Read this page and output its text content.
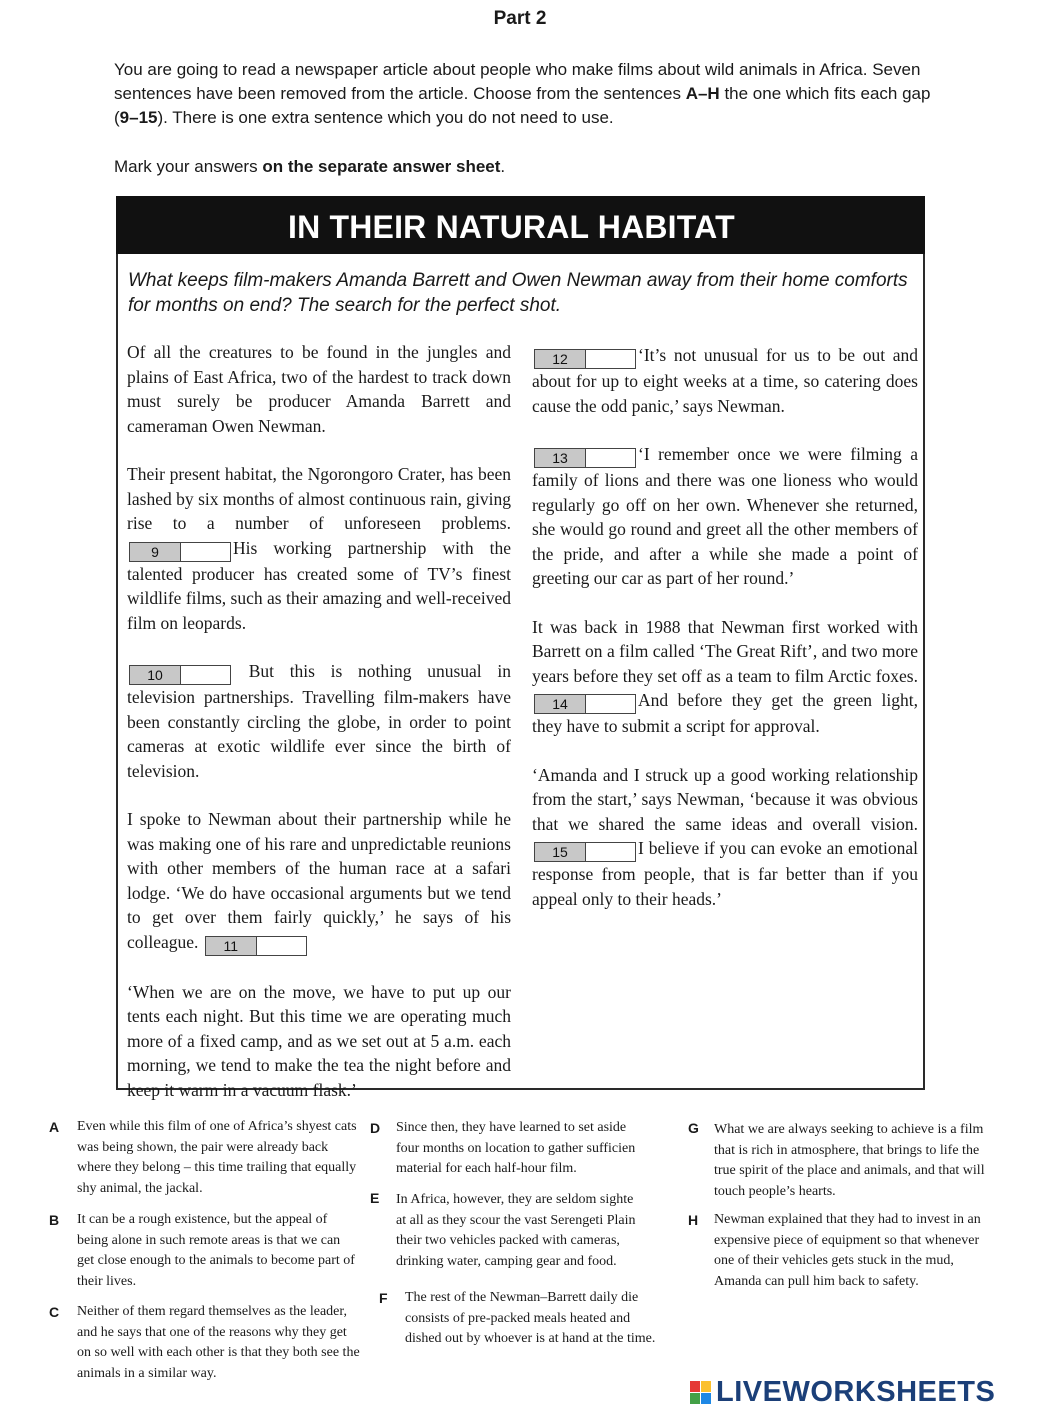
Part 2
You are going to read a newspaper article about people who make films about wild animals in Africa. Seven sentences have been removed from the article. Choose from the sentences A–H the one which fits each gap (9–15). There is one extra sentence which you do not need to use.
Mark your answers on the separate answer sheet.
IN THEIR NATURAL HABITAT
What keeps film-makers Amanda Barrett and Owen Newman away from their home comforts for months on end? The search for the perfect shot.

Of all the creatures to be found in the jungles and plains of East Africa, two of the hardest to track down must surely be producer Amanda Barrett and cameraman Owen Newman.

Their present habitat, the Ngorongoro Crater, has been lashed by six months of almost continuous rain, giving rise to a number of unforeseen problems. 9	His working partnership with the talented producer has created some of TV’s finest wildlife films, such as their amazing and well-received film on leopards.

10	But this is nothing unusual in television partnerships. Travelling film-makers have been constantly circling the globe, in order to point cameras at exotic wildlife ever since the birth of television.

I spoke to Newman about their partnership while he was making one of his rare and unpredictable reunions with other members of the human race at a safari lodge. ‘We do have occasional arguments but we tend to get over them fairly quickly,’ he says of his colleague. 11

‘When we are on the move, we have to put up our tents each night. But this time we are operating much more of a fixed camp, and as we set out at 5 a.m. each morning, we tend to make the tea the night before and keep it warm in a vacuum flask.’

12	‘It’s not unusual for us to be out and about for up to eight weeks at a time, so catering does cause the odd panic,’ says Newman.

13	‘I remember once we were filming a family of lions and there was one lioness who would regularly go off on her own. Whenever she returned, she would go round and greet all the other members of the pride, and after a while she made a point of greeting our car as part of her round.’

It was back in 1988 that Newman first worked with Barrett on a film called ‘The Great Rift’, and two more years before they set off as a team to film Arctic foxes. 14	And before they get the green light, they have to submit a script for approval.

‘Amanda and I struck up a good working relationship from the start,’ says Newman, ‘because it was obvious that we shared the same ideas and overall vision. 15	I believe if you can evoke an emotional response from people, that is far better than if you appeal only to their heads.’

A Even while this film of one of Africa’s shyest cats was being shown, the pair were already back where they belong – this time trailing that equally shy animal, the jackal.
B It can be a rough existence, but the appeal of being alone in such remote areas is that we can get close enough to the animals to become part of their lives.
C Neither of them regard themselves as the leader, and he says that one of the reasons why they get on so well with each other is that they both see the animals in a similar way.
D Since then, they have learned to set aside
four months on location to gather sufficien
material for each half-hour film.
E In Africa, however, they are seldom sighte
at all as they scour the vast Serengeti Plain
their two vehicles packed with cameras,
drinking water, camping gear and food.
F The rest of the Newman–Barrett daily die
consists of pre-packed meals heated and
dished out by whoever is at hand at the time.
G What we are always seeking to achieve is a film that is rich in atmosphere, that brings to life the true spirit of the place and animals, and that will touch people’s hearts.
H Newman explained that they had to invest in an expensive piece of equipment so that whenever one of their vehicles gets stuck in the mud, Amanda can pull him back to safety.
LIVEWORKSHEETS
